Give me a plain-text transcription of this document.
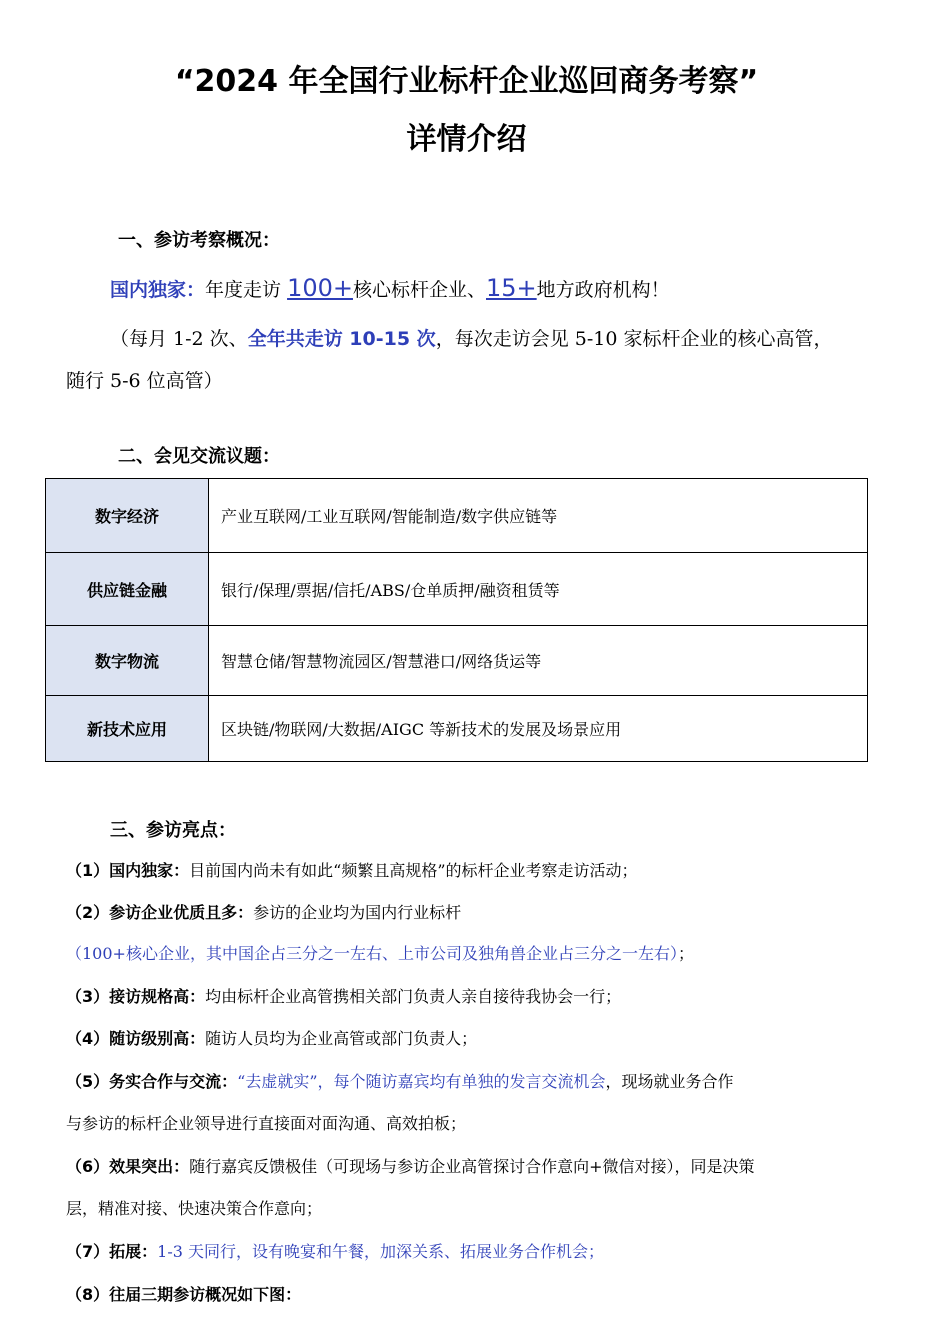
“2024 年全国行业标杆企业巡回商务考察”
详情介绍
一、参访考察概况：
国内独家：年度走访 100+核心标杆企业、15+地方政府机构！
（每月 1-2 次、全年共走访 10-15 次，每次走访会见 5-10 家标杆企业的核心高管，
随行 5-6 位高管）
二、会见交流议题：
数字经济	产业互联网/工业互联网/智能制造/数字供应链等
供应链金融	银行/保理/票据/信托/ABS/仓单质押/融资租赁等
数字物流	智慧仓储/智慧物流园区/智慧港口/网络货运等
新技术应用	区块链/物联网/大数据/AIGC 等新技术的发展及场景应用
三、参访亮点：
（1）国内独家：目前国内尚未有如此“频繁且高规格”的标杆企业考察走访活动；
（2）参访企业优质且多：参访的企业均为国内行业标杆
（100+核心企业，其中国企占三分之一左右、上市公司及独角兽企业占三分之一左右）；
（3）接访规格高：均由标杆企业高管携相关部门负责人亲自接待我协会一行；
（4）随访级别高：随访人员均为企业高管或部门负责人；
（5）务实合作与交流：“去虚就实”，每个随访嘉宾均有单独的发言交流机会，现场就业务合作
与参访的标杆企业领导进行直接面对面沟通、高效拍板；
（6）效果突出：随行嘉宾反馈极佳（可现场与参访企业高管探讨合作意向+微信对接），同是决策
层，精准对接、快速决策合作意向；
（7）拓展：1-3 天同行，设有晚宴和午餐，加深关系、拓展业务合作机会；
（8）往届三期参访概况如下图：
